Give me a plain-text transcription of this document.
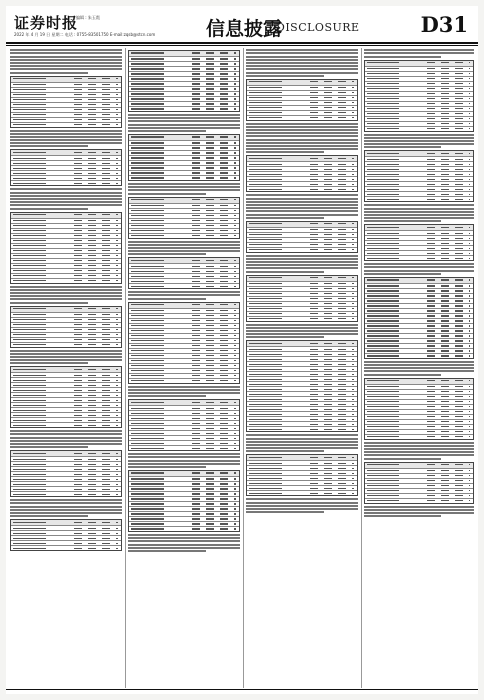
证券时报
编辑 : 朱玉霞
2022 年 4 月 19 日 星期二 电话 : 0755-83501750 E-mail:zqsb@stcn.com	信息披露
DISCLOSURE	D31
